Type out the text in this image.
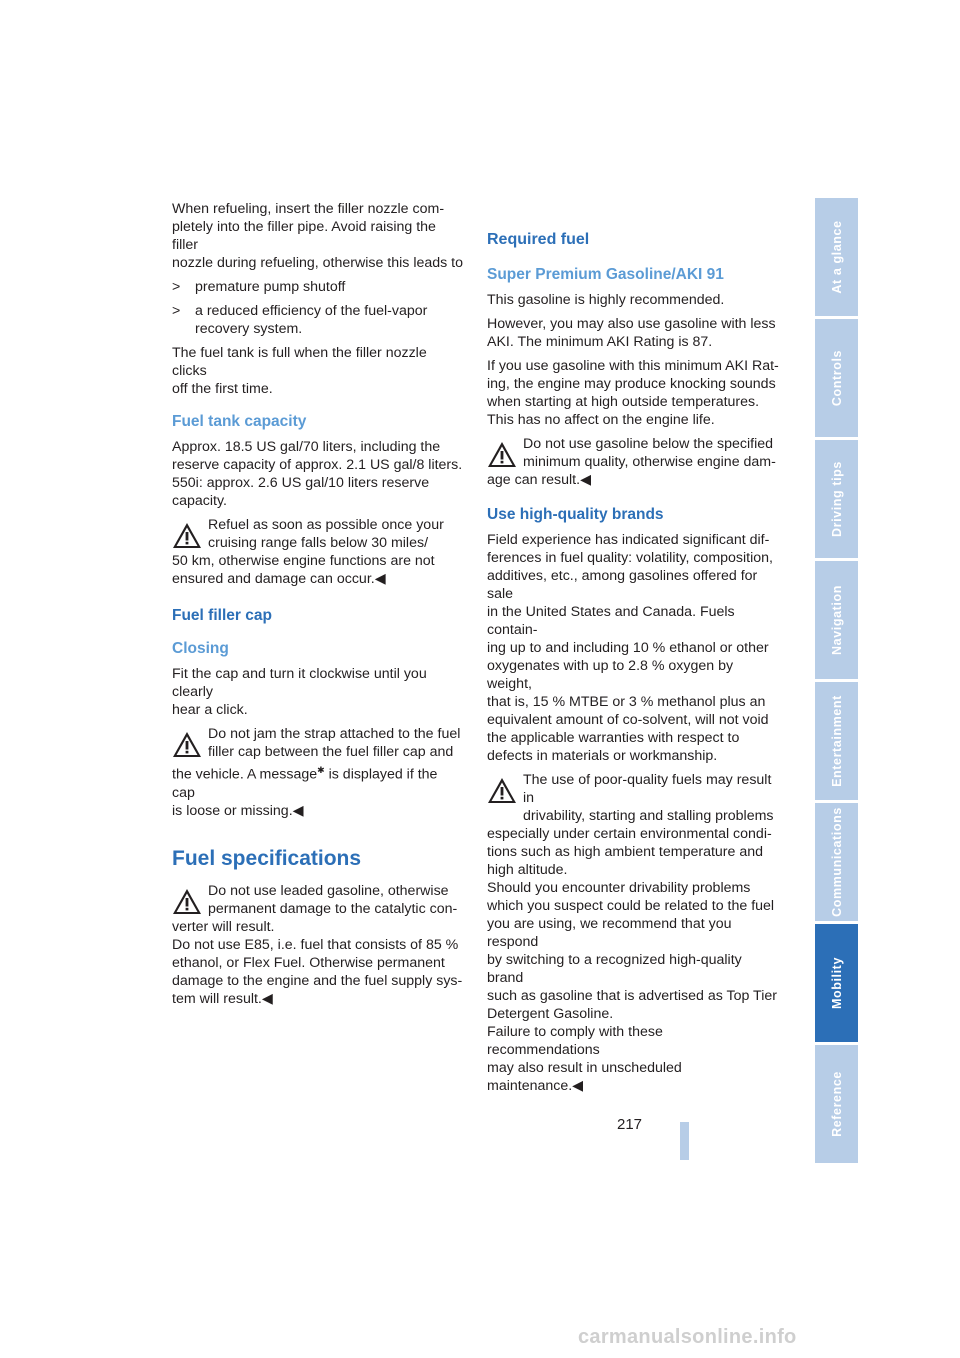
When refueling, insert the filler nozzle com-
pletely into the filler pipe. Avoid raising the filler
nozzle during refueling, otherwise this leads to

> premature pump shutoff
> a reduced efficiency of the fuel-vapor
recovery system.

The fuel tank is full when the filler nozzle clicks
off the first time.

Fuel tank capacity

Approx. 18.5 US gal/70 liters, including the
reserve capacity of approx. 2.1 US gal/8 liters.
550i: approx. 2.6 US gal/10 liters reserve
capacity.

Refuel as soon as possible once your
cruising range falls below 30 miles/
50 km, otherwise engine functions are not
ensured and damage can occur.◀
Fuel filler cap
Closing

Fit the cap and turn it clockwise until you clearly
hear a click.

Do not jam the strap attached to the fuel
filler cap between the fuel filler cap and
the vehicle. A message✱ is displayed if the cap
is loose or missing.◀
Fuel specifications
Do not use leaded gasoline, otherwise
permanent damage to the catalytic con-
verter will result.
Do not use E85, i.e. fuel that consists of 85 %
ethanol, or Flex Fuel. Otherwise permanent
damage to the engine and the fuel supply sys-
tem will result.◀
Required fuel
Super Premium Gasoline/AKI 91

This gasoline is highly recommended.

However, you may also use gasoline with less
AKI. The minimum AKI Rating is 87.

If you use gasoline with this minimum AKI Rat-
ing, the engine may produce knocking sounds
when starting at high outside temperatures.
This has no affect on the engine life.

Do not use gasoline below the specified
minimum quality, otherwise engine dam-
age can result.◀
Use high-quality brands

Field experience has indicated significant dif-
ferences in fuel quality: volatility, composition,
additives, etc., among gasolines offered for sale
in the United States and Canada. Fuels contain-
ing up to and including 10 % ethanol or other
oxygenates with up to 2.8 % oxygen by weight,
that is, 15 % MTBE or 3 % methanol plus an
equivalent amount of co-solvent, will not void
the applicable warranties with respect to
defects in materials or workmanship.

The use of poor-quality fuels may result in
drivability, starting and stalling problems
especially under certain environmental condi-
tions such as high ambient temperature and
high altitude.
Should you encounter drivability problems
which you suspect could be related to the fuel
you are using, we recommend that you respond
by switching to a recognized high-quality brand
such as gasoline that is advertised as Top Tier
Detergent Gasoline.
Failure to comply with these recommendations
may also result in unscheduled maintenance.◀
At a glance
Controls
Driving tips
Navigation
Entertainment
Communications
Mobility
Reference
217
carmanualsonline.info
